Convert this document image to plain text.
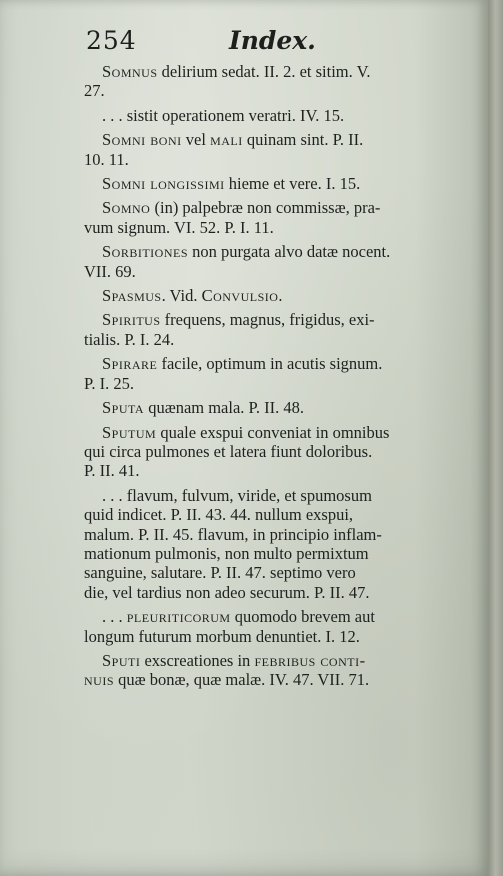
254	Index.
Somnus delirium sedat. II. 2. et sitim. V.
27.
. . . sistit operationem veratri. IV. 15.
Somni boni vel mali quinam sint. P. II.
10. 11.
Somni longissimi hieme et vere. I. 15.
Somno (in) palpebræ non commissæ, pra-
vum signum. VI. 52. P. I. 11.
Sorbitiones non purgata alvo datæ nocent.
VII. 69.
Spasmus. Vid. Convulsio.
Spiritus frequens, magnus, frigidus, exi-
tialis. P. I. 24.
Spirare facile, optimum in acutis signum.
P. I. 25.
Sputa quænam mala. P. II. 48.
Sputum quale exspui conveniat in omnibus
qui circa pulmones et latera fiunt doloribus.
P. II. 41.
. . . flavum, fulvum, viride, et spumosum
quid indicet. P. II. 43. 44. nullum exspui,
malum. P. II. 45. flavum, in principio inflam-
mationum pulmonis, non multo permixtum
sanguine, salutare. P. II. 47. septimo vero
die, vel tardius non adeo securum. P. II. 47.
. . . pleuriticorum quomodo brevem aut
longum futurum morbum denuntiet. I. 12.
Sputi exscreationes in febribus conti-
nuis quæ bonæ, quæ malæ. IV. 47. VII. 71.
